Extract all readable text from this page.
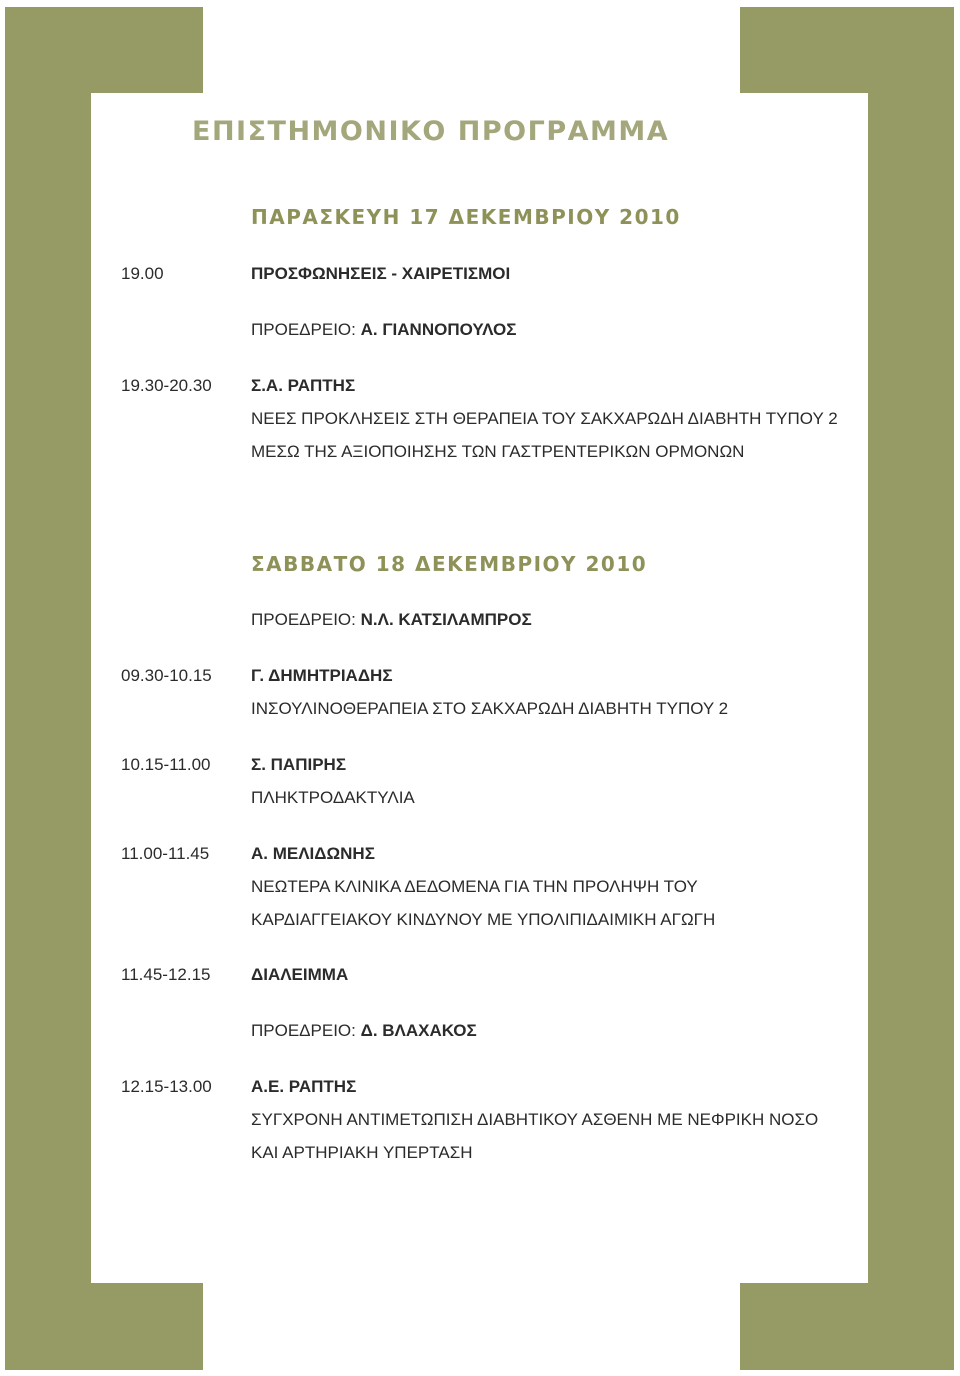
ΕΠΙΣΤΗΜΟΝΙΚΟ ΠΡΟΓΡΑΜΜΑ
ΠΑΡΑΣΚΕΥΗ 17 ΔΕΚΕΜΒΡΙΟΥ 2010

19.00	ΠΡΟΣΦΩΝΗΣΕΙΣ - ΧΑΙΡΕΤΙΣΜΟΙ

ΠΡΟΕΔΡΕΙΟ: Α. ΓΙΑΝΝΟΠΟΥΛΟΣ

19.30-20.30 Σ.Α. ΡΑΠΤΗΣ

ΝΕΕΣ ΠΡΟΚΛΗΣΕΙΣ ΣΤΗ ΘΕΡΑΠΕΙΑ ΤΟΥ ΣΑΚΧΑΡΩΔΗ ΔΙΑΒΗΤΗ ΤΥΠΟΥ 2

ΜΕΣΩ ΤΗΣ ΑΞΙΟΠΟΙΗΣΗΣ ΤΩΝ ΓΑΣΤΡΕΝΤΕΡΙΚΩΝ ΟΡΜΟΝΩΝ

ΣΑΒΒΑΤΟ 18 ΔΕΚΕΜΒΡΙΟΥ 2010

ΠΡΟΕΔΡΕΙΟ: Ν.Λ. ΚΑΤΣΙΛΑΜΠΡΟΣ

09.30-10.15 Γ. ΔΗΜΗΤΡΙΑΔΗΣ

ΙΝΣΟΥΛΙΝΟΘΕΡΑΠΕΙΑ ΣΤΟ ΣΑΚΧΑΡΩΔΗ ΔΙΑΒΗΤΗ ΤΥΠΟΥ 2

10.15-11.00 Σ. ΠΑΠΙΡΗΣ

ΠΛΗΚΤΡΟΔΑΚΤΥΛΙΑ

11.00-11.45 Α. ΜΕΛΙΔΩΝΗΣ

ΝΕΩΤΕΡΑ ΚΛΙΝΙΚΑ ΔΕΔΟΜΕΝΑ ΓΙΑ ΤΗΝ ΠΡΟΛΗΨΗ ΤΟΥ

ΚΑΡΔΙΑΓΓΕΙΑΚΟΥ ΚΙΝΔΥΝΟΥ ΜΕ ΥΠΟΛΙΠΙΔΑΙΜΙΚΗ ΑΓΩΓΗ

11.45-12.15 ΔΙΑΛΕΙΜΜΑ

ΠΡΟΕΔΡΕΙΟ: Δ. ΒΛΑΧΑΚΟΣ

12.15-13.00 Α.Ε. ΡΑΠΤΗΣ

ΣΥΓΧΡΟΝΗ ΑΝΤΙΜΕΤΩΠΙΣΗ ΔΙΑΒΗΤΙΚΟΥ ΑΣΘΕΝΗ ΜΕ ΝΕΦΡΙΚΗ ΝΟΣΟ

ΚΑΙ ΑΡΤΗΡΙΑΚΗ ΥΠΕΡΤΑΣΗ
